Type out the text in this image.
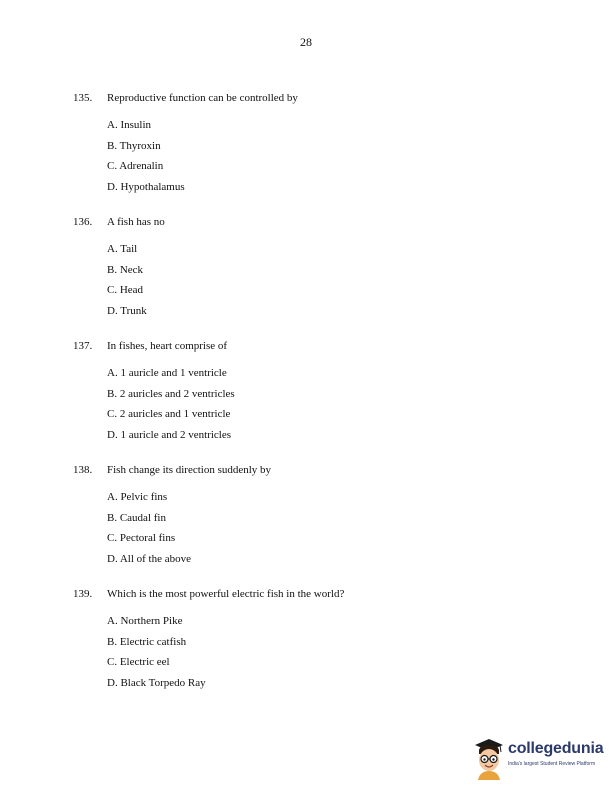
28
135. Reproductive function can be controlled by
A. Insulin
B. Thyroxin
C. Adrenalin
D. Hypothalamus
136. A fish has no
A. Tail
B. Neck
C. Head
D. Trunk
137. In fishes, heart comprise of
A. 1 auricle and 1 ventricle
B. 2 auricles and 2 ventricles
C. 2 auricles and 1 ventricle
D. 1 auricle and 2 ventricles
138. Fish change its direction suddenly by
A. Pelvic fins
B. Caudal fin
C. Pectoral fins
D. All of the above
139. Which is the most powerful electric fish in the world?
A. Northern Pike
B. Electric catfish
C. Electric eel
D. Black Torpedo Ray
collegedunia
India's largest Student Review Platform
